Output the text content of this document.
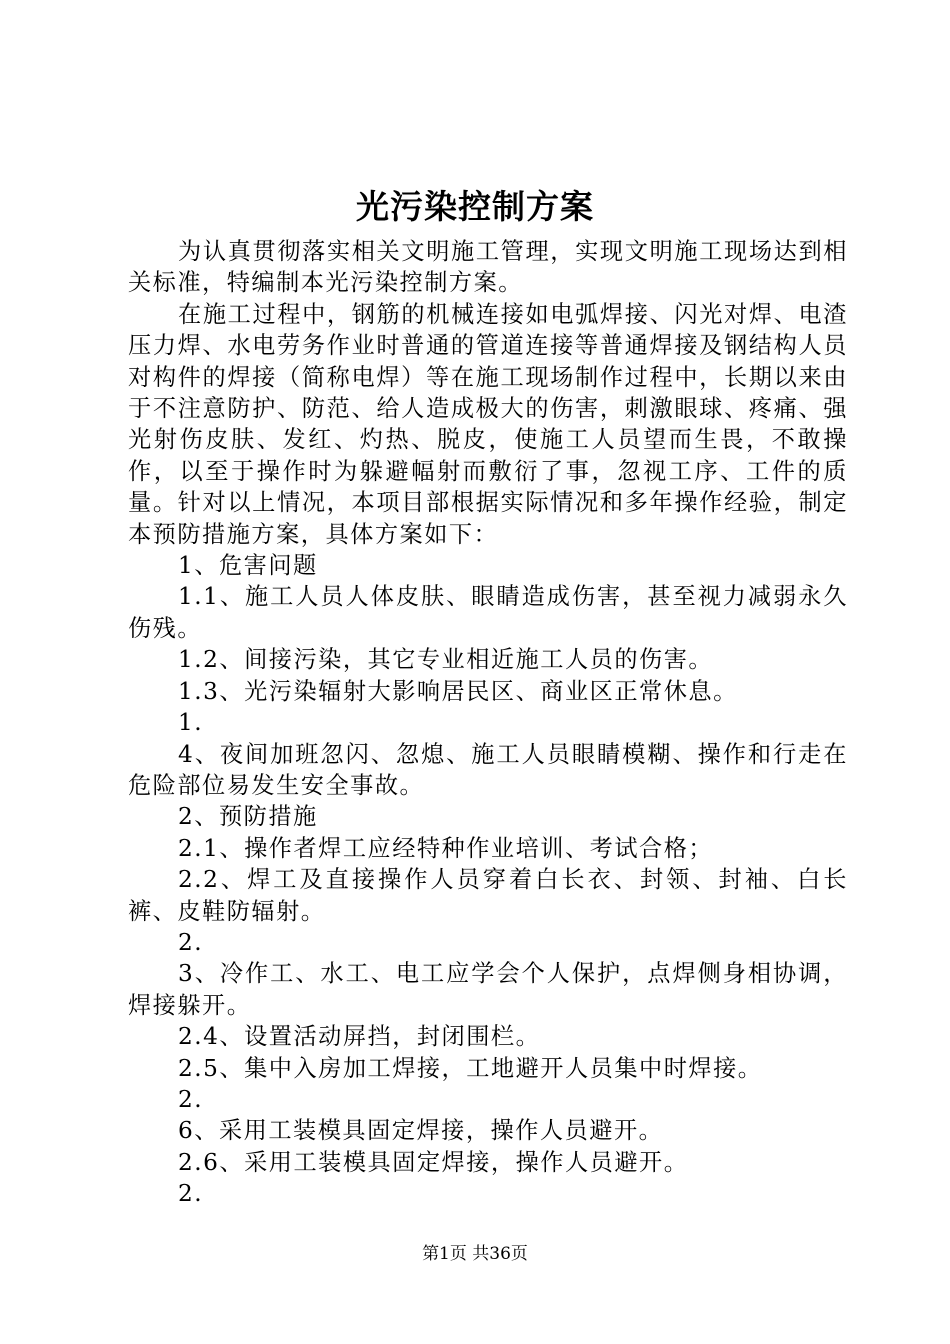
光污染控制方案

为认真贯彻落实相关文明施工管理，实现文明施工现场达到相关标准，特编制本光污染控制方案。

在施工过程中，钢筋的机械连接如电弧焊接、闪光对焊、电渣压力焊、水电劳务作业时普通的管道连接等普通焊接及钢结构人员对构件的焊接（简称电焊）等在施工现场制作过程中，长期以来由于不注意防护、防范、给人造成极大的伤害，刺激眼球、疼痛、强光射伤皮肤、发红、灼热、脱皮，使施工人员望而生畏，不敢操作，以至于操作时为躲避幅射而敷衍了事，忽视工序、工件的质量。针对以上情况，本项目部根据实际情况和多年操作经验，制定本预防措施方案，具体方案如下：

1、危害问题

1.1、施工人员人体皮肤、眼睛造成伤害，甚至视力减弱永久伤残。

1.2、间接污染，其它专业相近施工人员的伤害。

1.3、光污染辐射大影响居民区、商业区正常休息。

1.

4、夜间加班忽闪、忽熄、施工人员眼睛模糊、操作和行走在危险部位易发生安全事故。

2、预防措施

2.1、操作者焊工应经特种作业培训、考试合格；

2.2、焊工及直接操作人员穿着白长衣、封领、封袖、白长裤、皮鞋防辐射。

2.

3、冷作工、水工、电工应学会个人保护，点焊侧身相协调，焊接躲开。

2.4、设置活动屏挡，封闭围栏。

2.5、集中入房加工焊接，工地避开人员集中时焊接。

2.

6、采用工装模具固定焊接，操作人员避开。

2.6、采用工装模具固定焊接，操作人员避开。

2.

第1页 共36页
